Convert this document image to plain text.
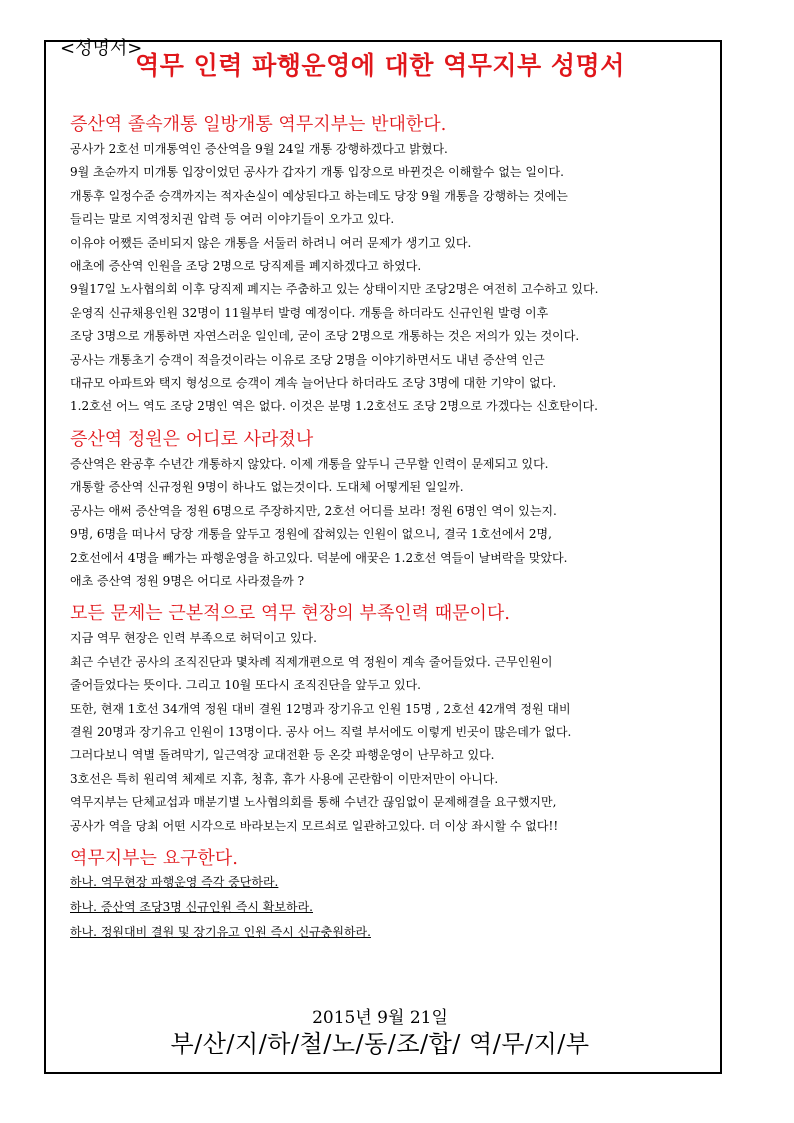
<성명서>
역무 인력 파행운영에 대한 역무지부 성명서

증산역 졸속개통 일방개통 역무지부는 반대한다.

공사가 2호선 미개통역인 증산역을 9월 24일 개통 강행하겠다고 밝혔다.

9월 초순까지 미개통 입장이었던 공사가 갑자기 개통 입장으로 바뀐것은 이해할수 없는 일이다.

개통후 일정수준 승객까지는 적자손실이 예상된다고 하는데도 당장 9월 개통을 강행하는 것에는

들리는 말로 지역정치권 압력 등 여러 이야기들이 오가고 있다.

이유야 어쨌든 준비되지 않은 개통을 서둘러 하려니 여러 문제가 생기고 있다.

애초에 증산역 인원을 조당 2명으로 당직제를 폐지하겠다고 하였다.

9월17일 노사협의회 이후 당직제 폐지는 주춤하고 있는 상태이지만 조당2명은 여전히 고수하고 있다.

운영직 신규채용인원 32명이 11월부터 발령 예정이다. 개통을 하더라도 신규인원 발령 이후

조당 3명으로 개통하면 자연스러운 일인데, 굳이 조당 2명으로 개통하는 것은 저의가 있는 것이다.

공사는 개통초기 승객이 적을것이라는 이유로 조당 2명을 이야기하면서도 내년 증산역 인근

대규모 아파트와 택지 형성으로 승객이 계속 늘어난다 하더라도 조당 3명에 대한 기약이 없다.

1.2호선 어느 역도 조당 2명인 역은 없다. 이것은 분명 1.2호선도 조당 2명으로 가겠다는 신호탄이다.

증산역 정원은 어디로 사라졌나

증산역은 완공후 수년간 개통하지 않았다. 이제 개통을 앞두니 근무할 인력이 문제되고 있다.

개통할 증산역 신규정원 9명이 하나도 없는것이다. 도대체 어떻게된 일일까.

공사는 애써 증산역을 정원 6명으로 주장하지만, 2호선 어디를 보라! 정원 6명인 역이 있는지.

9명, 6명을 떠나서 당장 개통을 앞두고 정원에 잡혀있는 인원이 없으니, 결국 1호선에서 2명,

2호선에서 4명을 빼가는 파행운영을 하고있다. 덕분에 애꿎은 1.2호선 역들이 날벼락을 맞았다.

애초 증산역 정원 9명은 어디로 사라졌을까 ?

모든 문제는 근본적으로 역무 현장의 부족인력 때문이다.

지금 역무 현장은 인력 부족으로 허덕이고 있다.

최근 수년간 공사의 조직진단과 몇차례 직제개편으로 역 정원이 계속 줄어들었다. 근무인원이

줄어들었다는 뜻이다. 그리고 10월 또다시 조직진단을 앞두고 있다.

또한, 현재 1호선 34개역 정원 대비 결원 12명과 장기유고 인원 15명 , 2호선 42개역 정원 대비

결원 20명과 장기유고 인원이 13명이다. 공사 어느 직렬 부서에도 이렇게 빈곳이 많은데가 없다.

그러다보니 역별 돌려막기, 일근역장 교대전환 등 온갖 파행운영이 난무하고 있다.

3호선은 특히 원리역 체제로 지휴, 청휴, 휴가 사용에 곤란함이 이만저만이 아니다.

역무지부는 단체교섭과 매분기별 노사협의회를 통해 수년간 끊임없이 문제해결을 요구했지만,

공사가 역을 당최 어떤 시각으로 바라보는지 모르쇠로 일관하고있다. 더 이상 좌시할 수 없다!!

역무지부는 요구한다.

하나. 역무현장 파행운영 즉각 중단하라.

하나. 증산역 조당3명 신규인원 즉시 확보하라.

하나. 정원대비 결원 및 장기유고 인원 즉시 신규충원하라.

2015년 9월 21일
부/산/지/하/철/노/동/조/합/ 역/무/지/부
